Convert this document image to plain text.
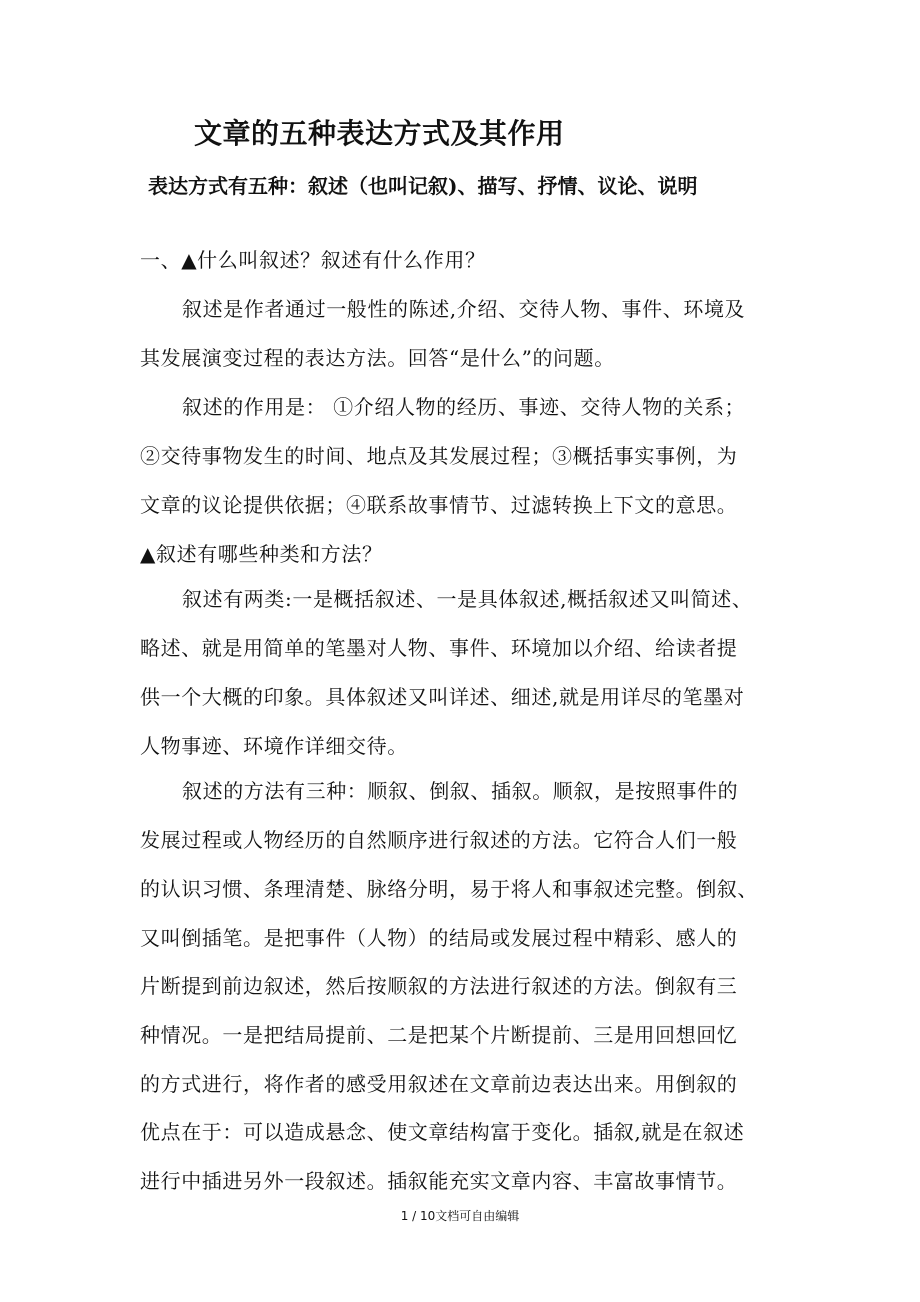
文章的五种表达方式及其作用
表达方式有五种：叙述（也叫记叙)、描写、抒情、议论、说明
一、▲什么叫叙述？叙述有什么作用？
叙述是作者通过一般性的陈述,介绍、交待人物、事件、环境及
其发展演变过程的表达方法。回答“是什么”的问题。
叙述的作用是： ①介绍人物的经历、事迹、交待人物的关系；
②交待事物发生的时间、地点及其发展过程；③概括事实事例，为
文章的议论提供依据；④联系故事情节、过滤转换上下文的意思。
▲叙述有哪些种类和方法？
叙述有两类:一是概括叙述、一是具体叙述,概括叙述又叫简述、
略述、就是用简单的笔墨对人物、事件、环境加以介绍、给读者提
供一个大概的印象。具体叙述又叫详述、细述,就是用详尽的笔墨对
人物事迹、环境作详细交待。
叙述的方法有三种：顺叙、倒叙、插叙。顺叙，是按照事件的
发展过程或人物经历的自然顺序进行叙述的方法。它符合人们一般
的认识习惯、条理清楚、脉络分明，易于将人和事叙述完整。倒叙、
又叫倒插笔。是把事件（人物）的结局或发展过程中精彩、感人的
片断提到前边叙述，然后按顺叙的方法进行叙述的方法。倒叙有三
种情况。一是把结局提前、二是把某个片断提前、三是用回想回忆
的方式进行，将作者的感受用叙述在文章前边表达出来。用倒叙的
优点在于：可以造成悬念、使文章结构富于变化。插叙,就是在叙述
进行中插进另外一段叙述。插叙能充实文章内容、丰富故事情节。
1 / 10文档可自由编辑
